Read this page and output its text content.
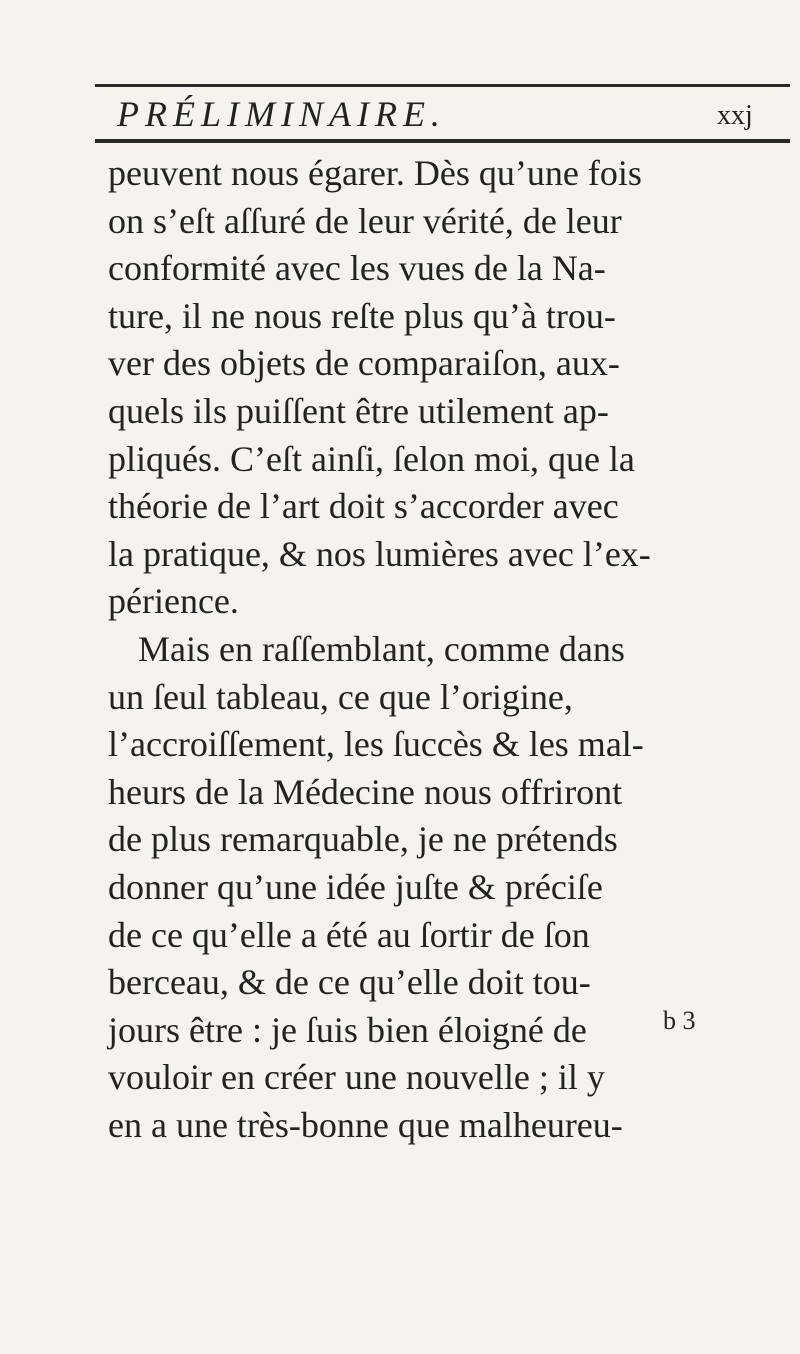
PRÉLIMINAIRE.	xxj
peuvent nous égarer. Dès qu’une fois
on s’eſt aſſuré de leur vérité, de leur
conformité avec les vues de la Na-
ture, il ne nous reſte plus qu’à trou-
ver des objets de comparaiſon, aux-
quels ils puiſſent être utilement ap-
pliqués. C’eſt ainſi, ſelon moi, que la
théorie de l’art doit s’accorder avec
la pratique, & nos lumières avec l’ex-
périence.
Mais en raſſemblant, comme dans
un ſeul tableau, ce que l’origine,
l’accroiſſement, les ſuccès & les mal-
heurs de la Médecine nous offriront
de plus remarquable, je ne prétends
donner qu’une idée juſte & préciſe
de ce qu’elle a été au ſortir de ſon
berceau, & de ce qu’elle doit tou-
jours être : je ſuis bien éloigné de
vouloir en créer une nouvelle ; il y
en a une très-bonne que malheureu-
b 3
